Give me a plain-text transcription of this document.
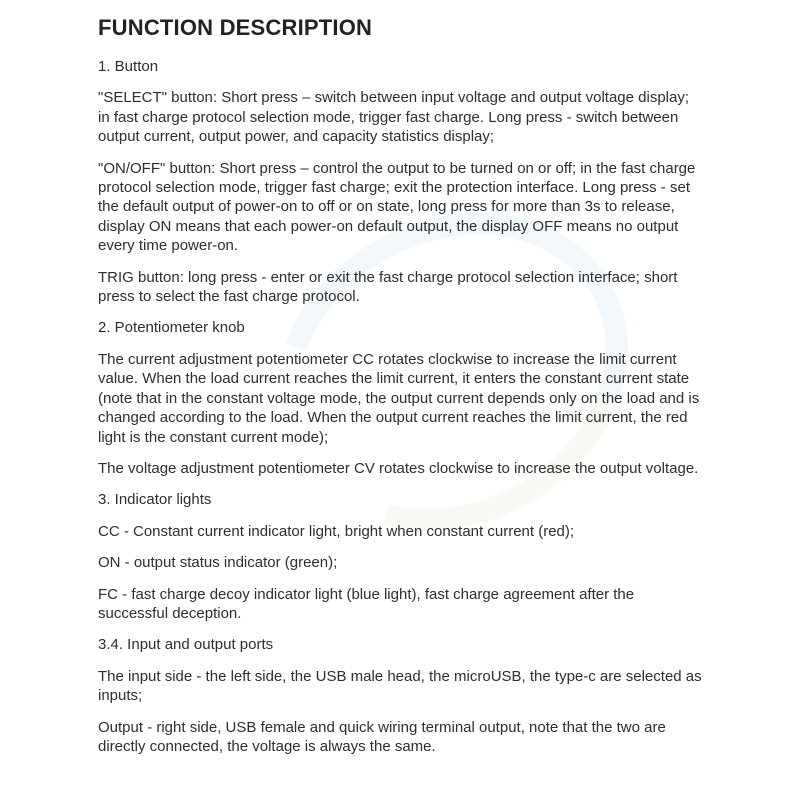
FUNCTION DESCRIPTION

1. Button

"SELECT" button: Short press – switch between input voltage and output voltage display; in fast charge protocol selection mode, trigger fast charge. Long press - switch between output current, output power, and capacity statistics display;

"ON/OFF" button: Short press – control the output to be turned on or off; in the fast charge protocol selection mode, trigger fast charge; exit the protection interface. Long press - set the default output of power-on to off or on state, long press for more than 3s to release, display ON means that each power-on default output, the display OFF means no output every time power-on.

TRIG button: long press - enter or exit the fast charge protocol selection interface; short press to select the fast charge protocol.

2. Potentiometer knob

The current adjustment potentiometer CC rotates clockwise to increase the limit current value. When the load current reaches the limit current, it enters the constant current state (note that in the constant voltage mode, the output current depends only on the load and is changed according to the load. When the output current reaches the limit current, the red light is the constant current mode);

The voltage adjustment potentiometer CV rotates clockwise to increase the output voltage.

3. Indicator lights

CC - Constant current indicator light, bright when constant current (red);

ON - output status indicator (green);

FC - fast charge decoy indicator light (blue light), fast charge agreement after the successful deception.

3.4. Input and output ports

The input side - the left side, the USB male head, the microUSB, the type-c are selected as inputs;

Output - right side, USB female and quick wiring terminal output, note that the two are directly connected, the voltage is always the same.
